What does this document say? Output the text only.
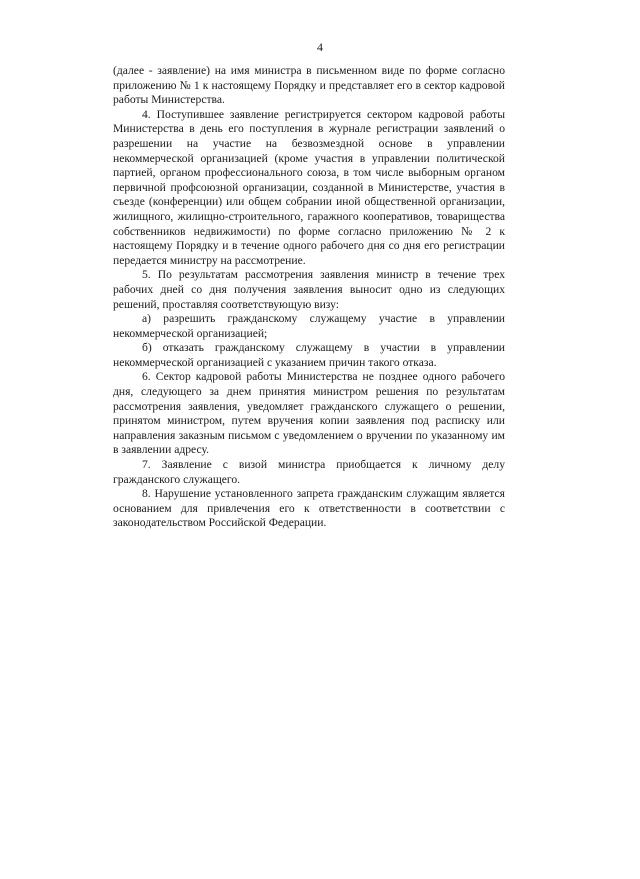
4

(далее - заявление) на имя министра в письменном виде по форме согласно приложению № 1 к настоящему Порядку и представляет его в сектор кадровой работы Министерства.

4. Поступившее заявление регистрируется сектором кадровой работы Министерства в день его поступления в журнале регистрации заявлений о разрешении на участие на безвозмездной основе в управлении некоммерческой организацией (кроме участия в управлении политической партией, органом профессионального союза, в том числе выборным органом первичной профсоюзной организации, созданной в Министерстве, участия в съезде (конференции) или общем собрании иной общественной организации, жилищного, жилищно-строительного, гаражного кооперативов, товарищества собственников недвижимости) по форме согласно приложению № 2 к настоящему Порядку и в течение одного рабочего дня со дня его регистрации передается министру на рассмотрение.

5. По результатам рассмотрения заявления министр в течение трех рабочих дней со дня получения заявления выносит одно из следующих решений, проставляя соответствующую визу:

а) разрешить гражданскому служащему участие в управлении некоммерческой организацией;

б) отказать гражданскому служащему в участии в управлении некоммерческой организацией с указанием причин такого отказа.

6. Сектор кадровой работы Министерства не позднее одного рабочего дня, следующего за днем принятия министром решения по результатам рассмотрения заявления, уведомляет гражданского служащего о решении, принятом министром, путем вручения копии заявления под расписку или направления заказным письмом с уведомлением о вручении по указанному им в заявлении адресу.

7. Заявление с визой министра приобщается к личному делу гражданского служащего.

8. Нарушение установленного запрета гражданским служащим является основанием для привлечения его к ответственности в соответствии с законодательством Российской Федерации.
